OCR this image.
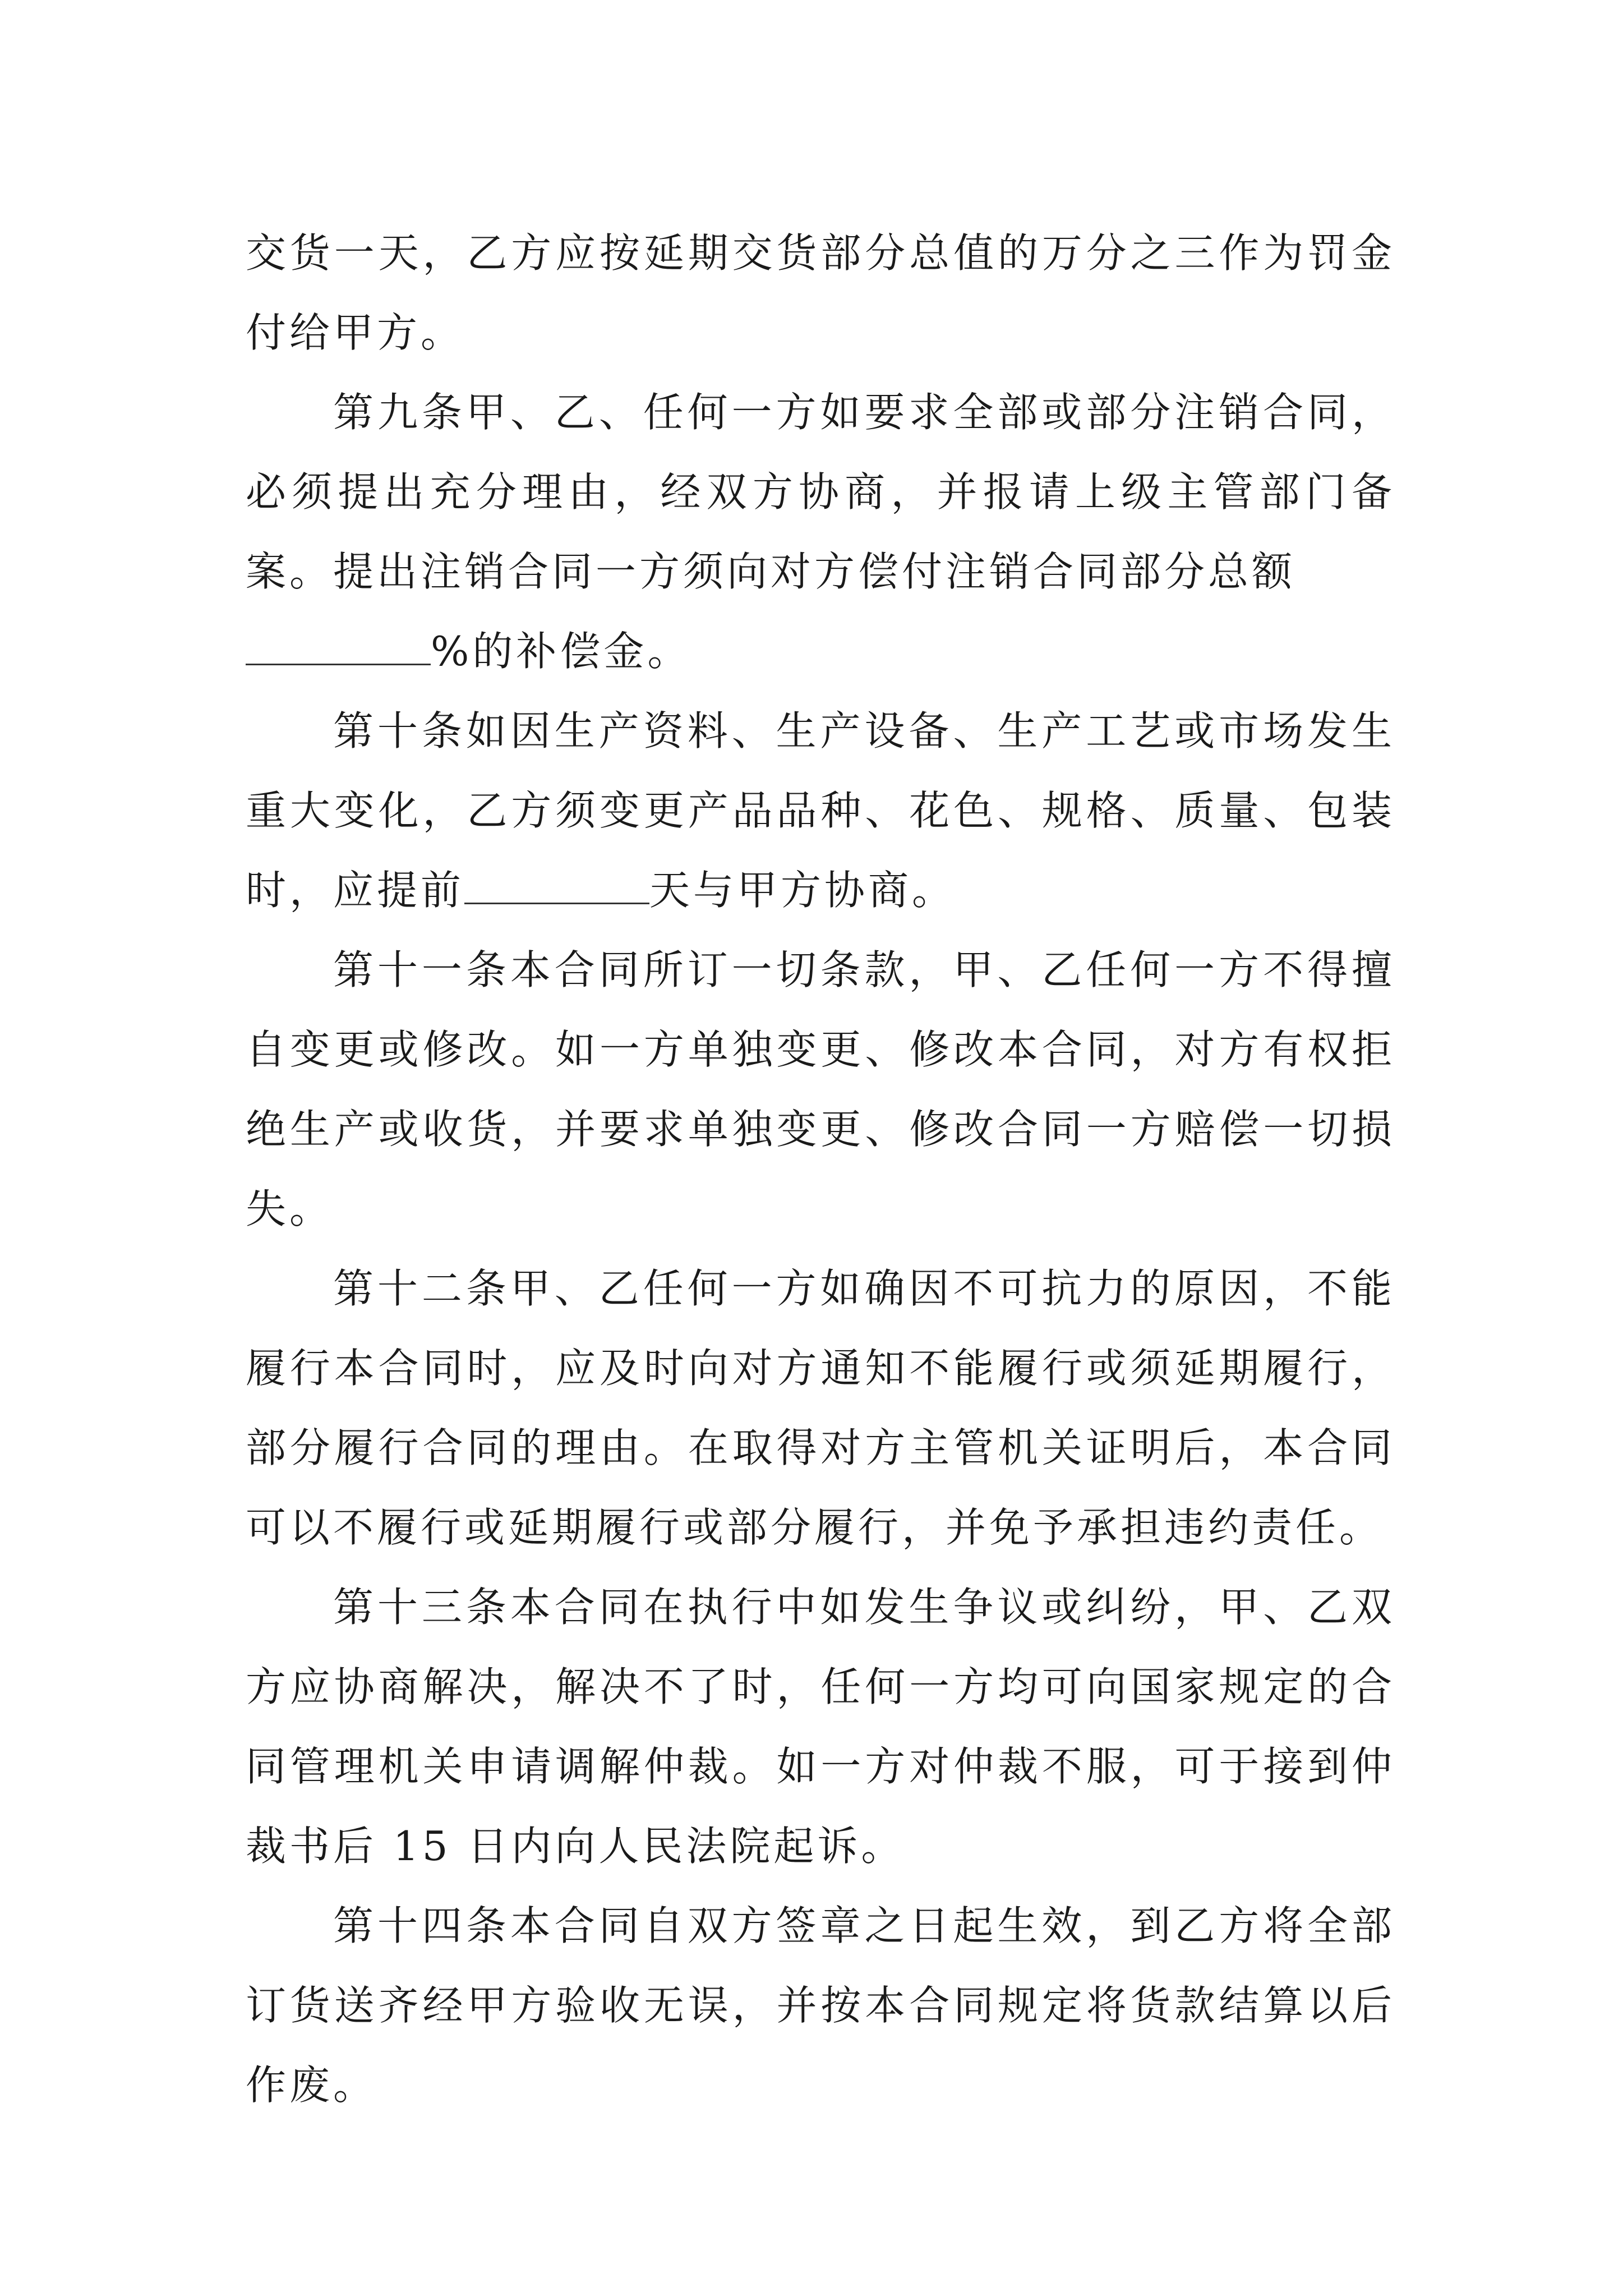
交货一天，乙方应按延期交货部分总值的万分之三作为罚金付给甲方。

第九条甲、乙、任何一方如要求全部或部分注销合同，必须提出充分理由，经双方协商，并报请上级主管部门备案。提出注销合同一方须向对方偿付注销合同部分总额
%的补偿金。

第十条如因生产资料、生产设备、生产工艺或市场发生重大变化，乙方须变更产品品种、花色、规格、质量、包装时，应提前	天与甲方协商。

第十一条本合同所订一切条款，甲、乙任何一方不得擅自变更或修改。如一方单独变更、修改本合同，对方有权拒绝生产或收货，并要求单独变更、修改合同一方赔偿一切损失。

第十二条甲、乙任何一方如确因不可抗力的原因，不能履行本合同时，应及时向对方通知不能履行或须延期履行，部分履行合同的理由。在取得对方主管机关证明后，本合同可以不履行或延期履行或部分履行，并免予承担违约责任。

第十三条本合同在执行中如发生争议或纠纷，甲、乙双方应协商解决，解决不了时，任何一方均可向国家规定的合同管理机关申请调解仲裁。如一方对仲裁不服，可于接到仲裁书后 15 日内向人民法院起诉。

第十四条本合同自双方签章之日起生效，到乙方将全部订货送齐经甲方验收无误，并按本合同规定将货款结算以后作废。
